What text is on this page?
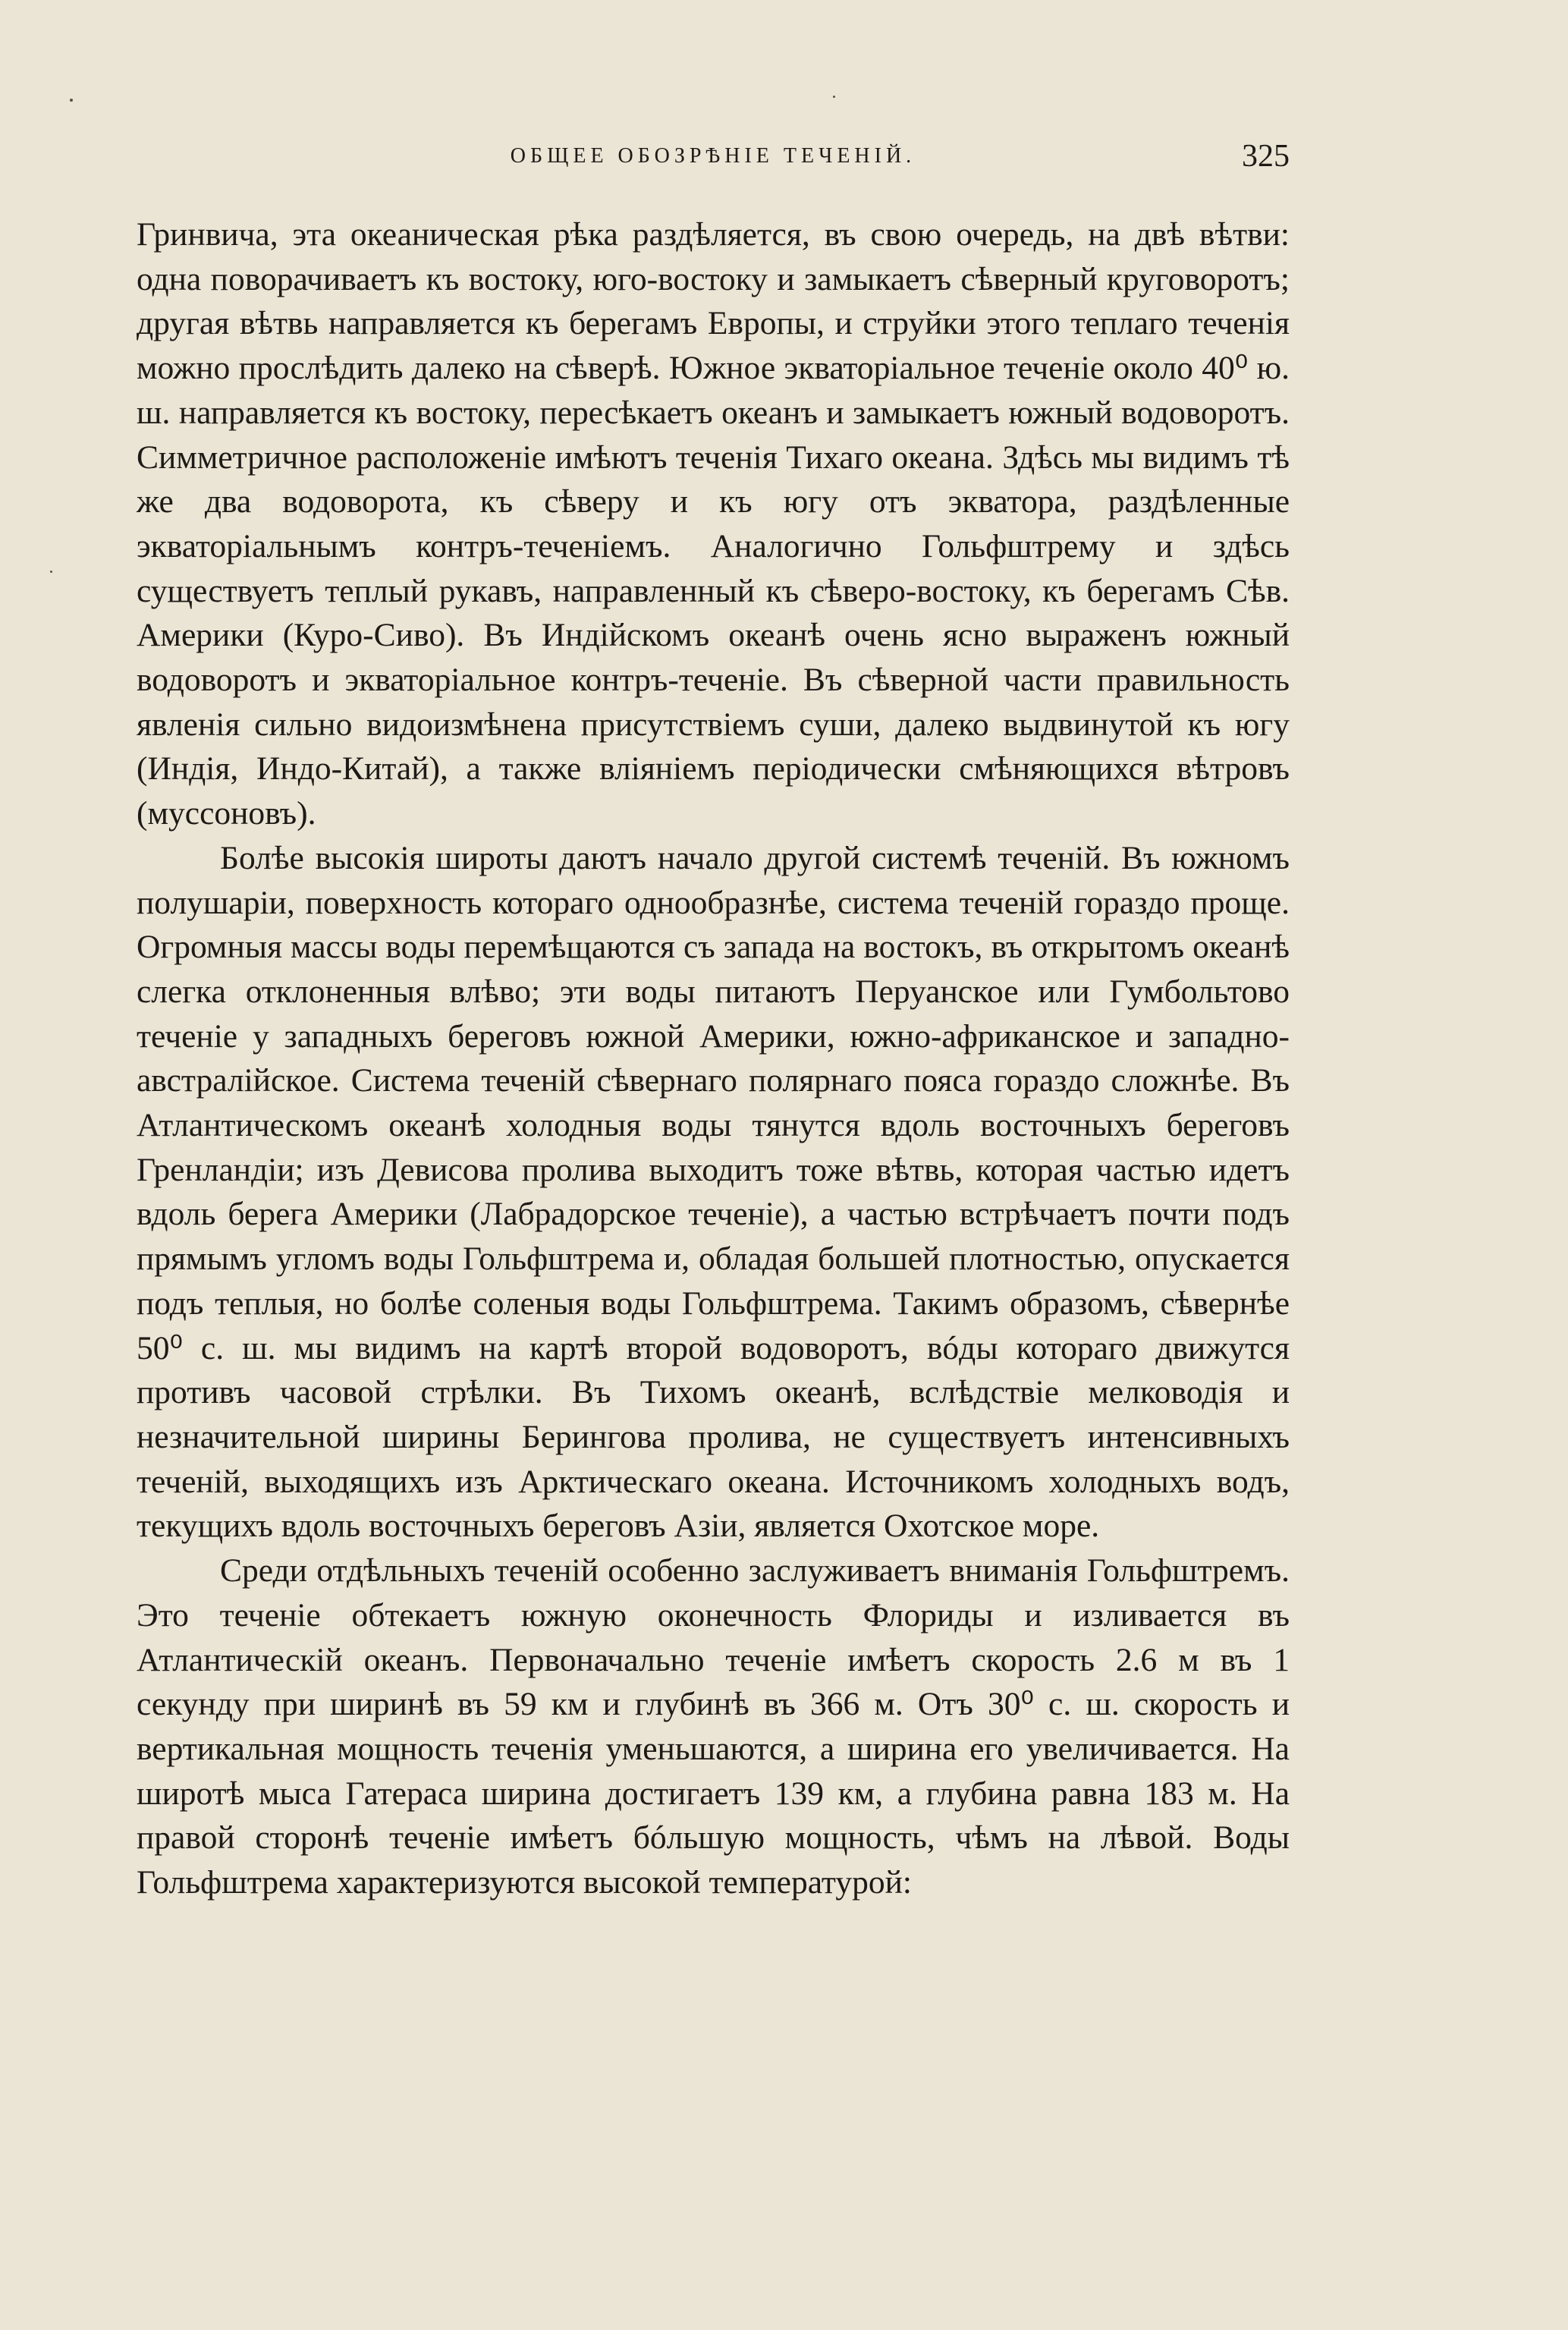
ОБЩЕЕ ОБОЗРѢНІЕ ТЕЧЕНІЙ.	325

Гринвича, эта океаническая рѣка раздѣляется, въ свою очередь, на двѣ вѣтви: одна поворачиваетъ къ востоку, юго-востоку и замыкаетъ сѣверный круговоротъ; другая вѣтвь направляется къ берегамъ Европы, и струйки этого теплаго теченія можно прослѣдить далеко на сѣверѣ. Южное экваторіальное теченіе около 40⁰ ю. ш. направляется къ востоку, пересѣкаетъ океанъ и замыкаетъ южный водоворотъ. Симметричное расположеніе имѣютъ теченія Тихаго океана. Здѣсь мы видимъ тѣ же два водоворота, къ сѣверу и къ югу отъ экватора, раздѣленные экваторіальнымъ контръ-теченіемъ. Аналогично Гольфштрему и здѣсь существуетъ теплый рукавъ, направленный къ сѣверо-востоку, къ берегамъ Сѣв. Америки (Куро-Сиво). Въ Индійскомъ океанѣ очень ясно выраженъ южный водоворотъ и экваторіальное контръ-теченіе. Въ сѣверной части правильность явленія сильно видоизмѣнена присутствіемъ суши, далеко выдвинутой къ югу (Индія, Индо-Китай), а также вліяніемъ періодически смѣняющихся вѣтровъ (муссоновъ).

Болѣе высокія широты даютъ начало другой системѣ теченій. Въ южномъ полушаріи, поверхность котораго однообразнѣе, система теченій гораздо проще. Огромныя массы воды перемѣщаются съ запада на востокъ, въ открытомъ океанѣ слегка отклоненныя влѣво; эти воды питаютъ Перуанское или Гумбольтово теченіе у западныхъ береговъ южной Америки, южно-африканское и западно-австралійское. Система теченій сѣвернаго полярнаго пояса гораздо сложнѣе. Въ Атлантическомъ океанѣ холодныя воды тянутся вдоль восточныхъ береговъ Гренландіи; изъ Девисова пролива выходитъ тоже вѣтвь, которая частью идетъ вдоль берега Америки (Лабрадорское теченіе), а частью встрѣчаетъ почти подъ прямымъ угломъ воды Гольфштрема и, обладая большей плотностью, опускается подъ теплыя, но болѣе соленыя воды Гольфштрема. Такимъ образомъ, сѣвернѣе 50⁰ с. ш. мы видимъ на картѣ второй водоворотъ, вóды котораго движутся противъ часовой стрѣлки. Въ Тихомъ океанѣ, вслѣдствіе мелководія и незначительной ширины Берингова пролива, не существуетъ интенсивныхъ теченій, выходящихъ изъ Арктическаго океана. Источникомъ холодныхъ водъ, текущихъ вдоль восточныхъ береговъ Азіи, является Охотское море.

Среди отдѣльныхъ теченій особенно заслуживаетъ вниманія Гольфштремъ. Это теченіе обтекаетъ южную оконечность Флориды и изливается въ Атлантическій океанъ. Первоначально теченіе имѣетъ скорость 2.6 м въ 1 секунду при ширинѣ въ 59 км и глубинѣ въ 366 м. Отъ 30⁰ с. ш. скорость и вертикальная мощность теченія уменьшаются, а ширина его увеличивается. На широтѣ мыса Гатераса ширина достигаетъ 139 км, а глубина равна 183 м. На правой сторонѣ теченіе имѣетъ бóльшую мощность, чѣмъ на лѣвой. Воды Гольфштрема характеризуются высокой температурой:
